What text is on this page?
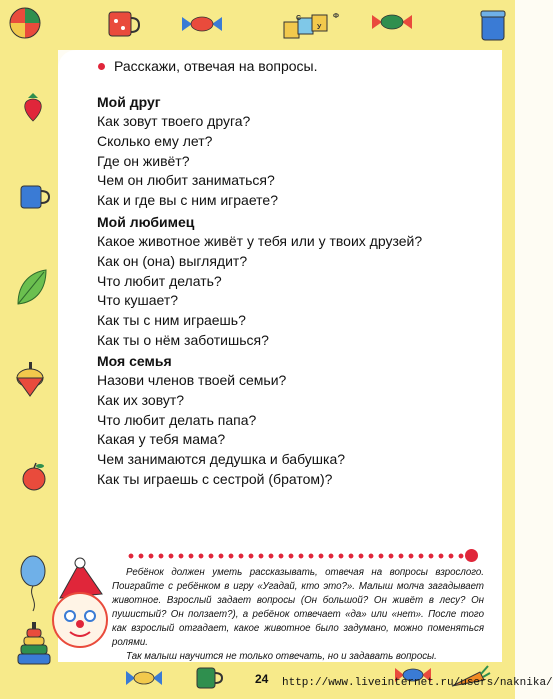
С
У
Ф
Расскажи, отвечая на вопросы.
Мой друг
Как зовут твоего друга?
Сколько ему лет?
Где он живёт?
Чем он любит заниматься?
Как и где вы с ним играете?
Мой любимец
Какое животное живёт у тебя или у твоих друзей?
Как он (она) выглядит?
Что любит делать?
Что кушает?
Как ты с ним играешь?
Как ты о нём заботишься?
Моя семья
Назови членов твоей семьи?
Как их зовут?
Что любит делать папа?
Какая у тебя мама?
Чем занимаются дедушка и бабушка?
Как ты играешь с сестрой (братом)?

Ребёнок должен уметь рассказывать, отвечая на вопросы взрослого. Поиграйте с ребёнком в игру «Угадай, кто это?». Малыш молча загадывает животное. Взрослый задает вопросы (Он большой? Он живёт в лесу? Он пушистый? Он ползает?), а ребёнок отвечает «да» или «нет». После того как взрослый отгадает, какое животное было задумано, можно поменяться ролями.

Так малыш научится не только отвечать, но и задавать вопросы.

24 http://www.liveinternet.ru/users/naknika/
